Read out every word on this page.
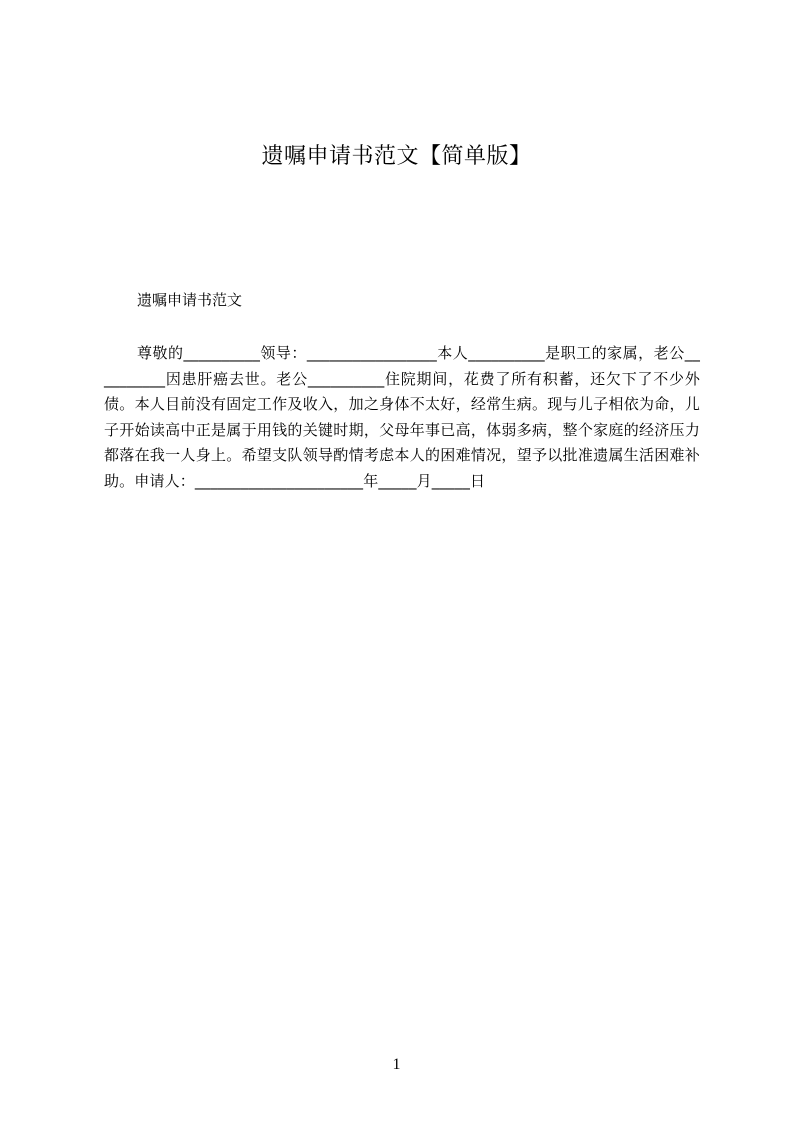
遗嘱申请书范文【简单版】
遗嘱申请书范文

尊敬的__________领导：_________________本人__________是职工的家属，老公__________因患肝癌去世。老公__________住院期间，花费了所有积蓄，还欠下了不少外债。本人目前没有固定工作及收入，加之身体不太好，经常生病。现与儿子相依为命，儿子开始读高中正是属于用钱的关键时期，父母年事已高，体弱多病，整个家庭的经济压力都落在我一人身上。希望支队领导酌情考虑本人的困难情况，望予以批准遗属生活困难补助。申请人：______________________年_____月_____日

1
